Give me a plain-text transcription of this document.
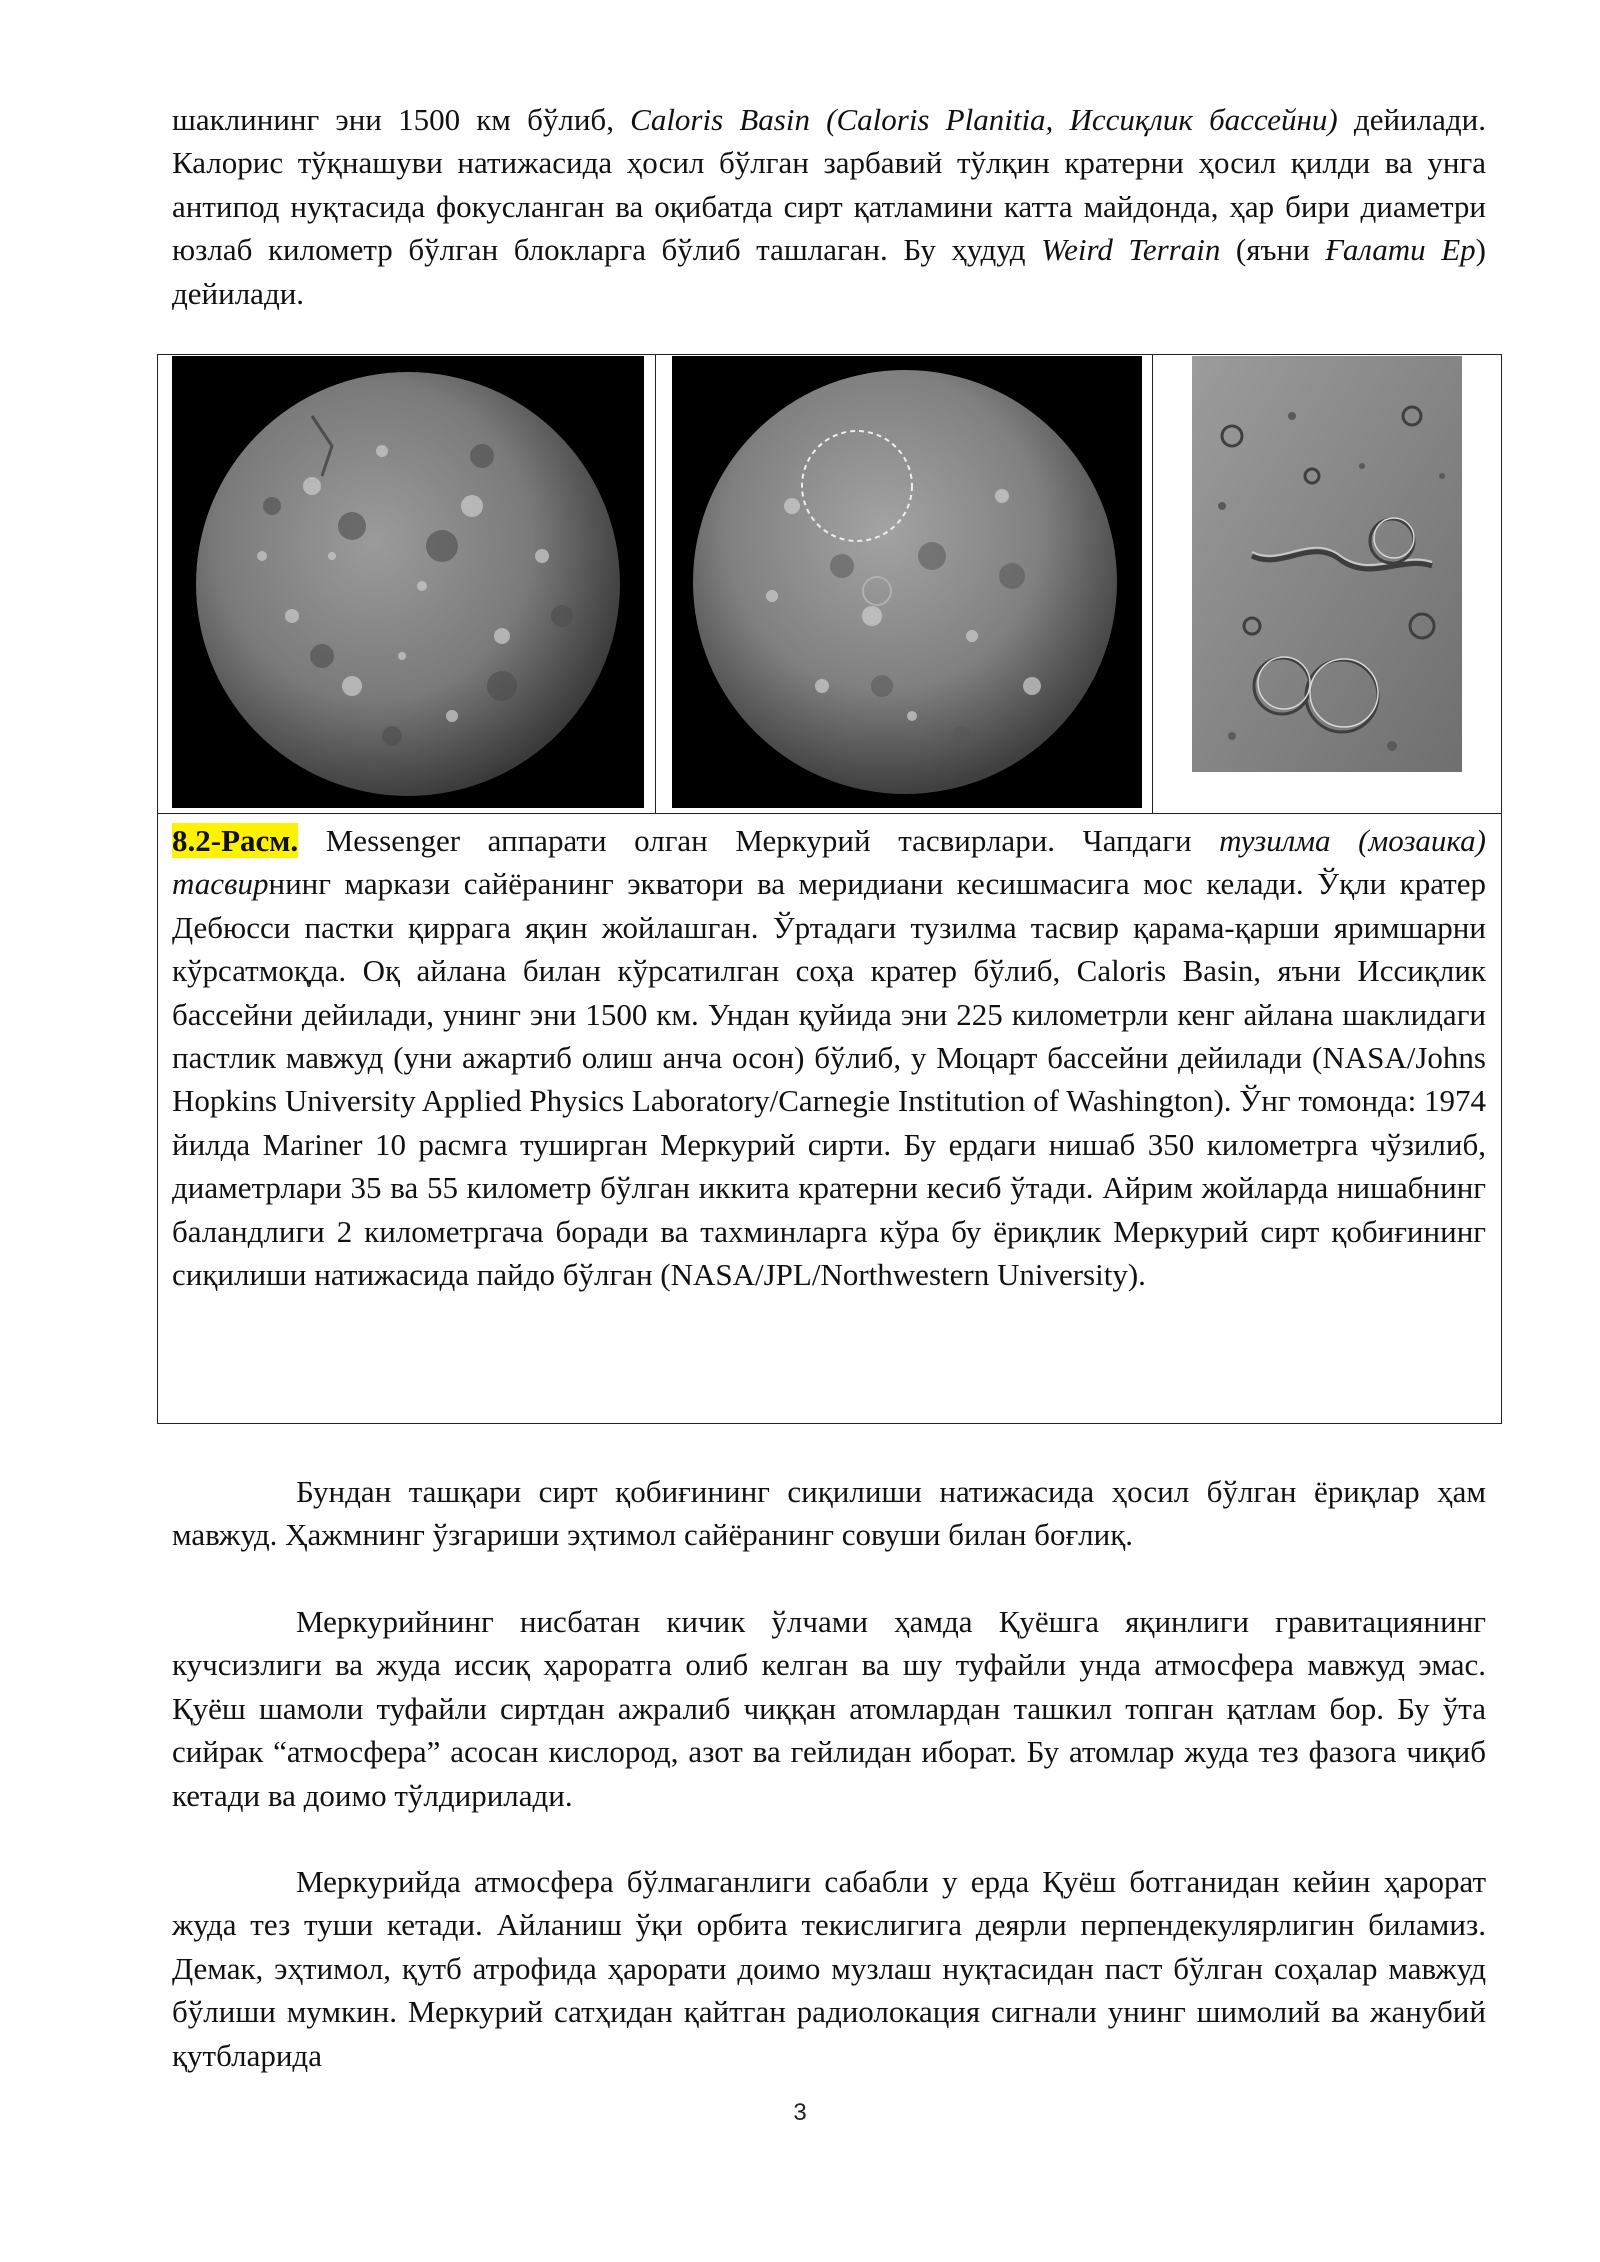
шаклининг эни 1500 км бўлиб, Caloris Basin (Caloris Planitia, Иссиқлик бассейни) дейилади. Калорис тўқнашуви натижасида ҳосил бўлган зарбавий тўлқин кратерни ҳосил қилди ва унга антипод нуқтасида фокусланган ва оқибатда сирт қатламини катта майдонда, ҳар бири диаметри юзлаб километр бўлган блокларга бўлиб ташлаган. Бу ҳудуд Weird Terrain (яъни Ғалати Ер) дейилади.

8.2-Расм. Messenger аппарати олган Меркурий тасвирлари. Чапдаги тузилма (мозаика) тасвирнинг маркази сайёранинг экватори ва меридиани кесишмасига мос келади. Ўқли кратер Дебюсси пастки қиррага яқин жойлашган. Ўртадаги тузилма тасвир қарама-қарши яримшарни кўрсатмоқда. Оқ айлана билан кўрсатилган соҳа кратер бўлиб, Caloris Basin, яъни Иссиқлик бассейни дейилади, унинг эни 1500 км. Ундан қуйида эни 225 километрли кенг айлана шаклидаги пастлик мавжуд (уни ажартиб олиш анча осон) бўлиб, у Моцарт бассейни дейилади (NASA/Johns Hopkins University Applied Physics Laboratory/Carnegie Institution of Washington). Ўнг томонда: 1974 йилда Mariner 10 расмга туширган Меркурий сирти. Бу ердаги нишаб 350 километрга чўзилиб, диаметрлари 35 ва 55 километр бўлган иккита кратерни кесиб ўтади. Айрим жойларда нишабнинг баландлиги 2 километргача боради ва тахминларга кўра бу ёриқлик Меркурий сирт қобиғининг сиқилиши натижасида пайдо бўлган (NASA/JPL/Northwestern University).

Бундан ташқари сирт қобиғининг сиқилиши натижасида ҳосил бўлган ёриқлар ҳам мавжуд. Ҳажмнинг ўзгариши эҳтимол сайёранинг совуши билан боғлиқ.

Меркурийнинг нисбатан кичик ўлчами ҳамда Қуёшга яқинлиги гравитациянинг кучсизлиги ва жуда иссиқ ҳароратга олиб келган ва шу туфайли унда атмосфера мавжуд эмас. Қуёш шамоли туфайли сиртдан ажралиб чиққан атомлардан ташкил топган қатлам бор. Бу ўта сийрак “атмосфера” асосан кислород, азот ва гейлидан иборат. Бу атомлар жуда тез фазога чиқиб кетади ва доимо тўлдирилади.

Меркурийда атмосфера бўлмаганлиги сабабли у ерда Қуёш ботганидан кейин ҳарорат жуда тез туши кетади. Айланиш ўқи орбита текислигига деярли перпендекулярлигин биламиз. Демак, эҳтимол, қутб атрофида ҳарорати доимо музлаш нуқтасидан паст бўлган соҳалар мавжуд бўлиши мумкин. Меркурий сатҳидан қайтган радиолокация сигнали унинг шимолий ва жанубий қутбларида

3
